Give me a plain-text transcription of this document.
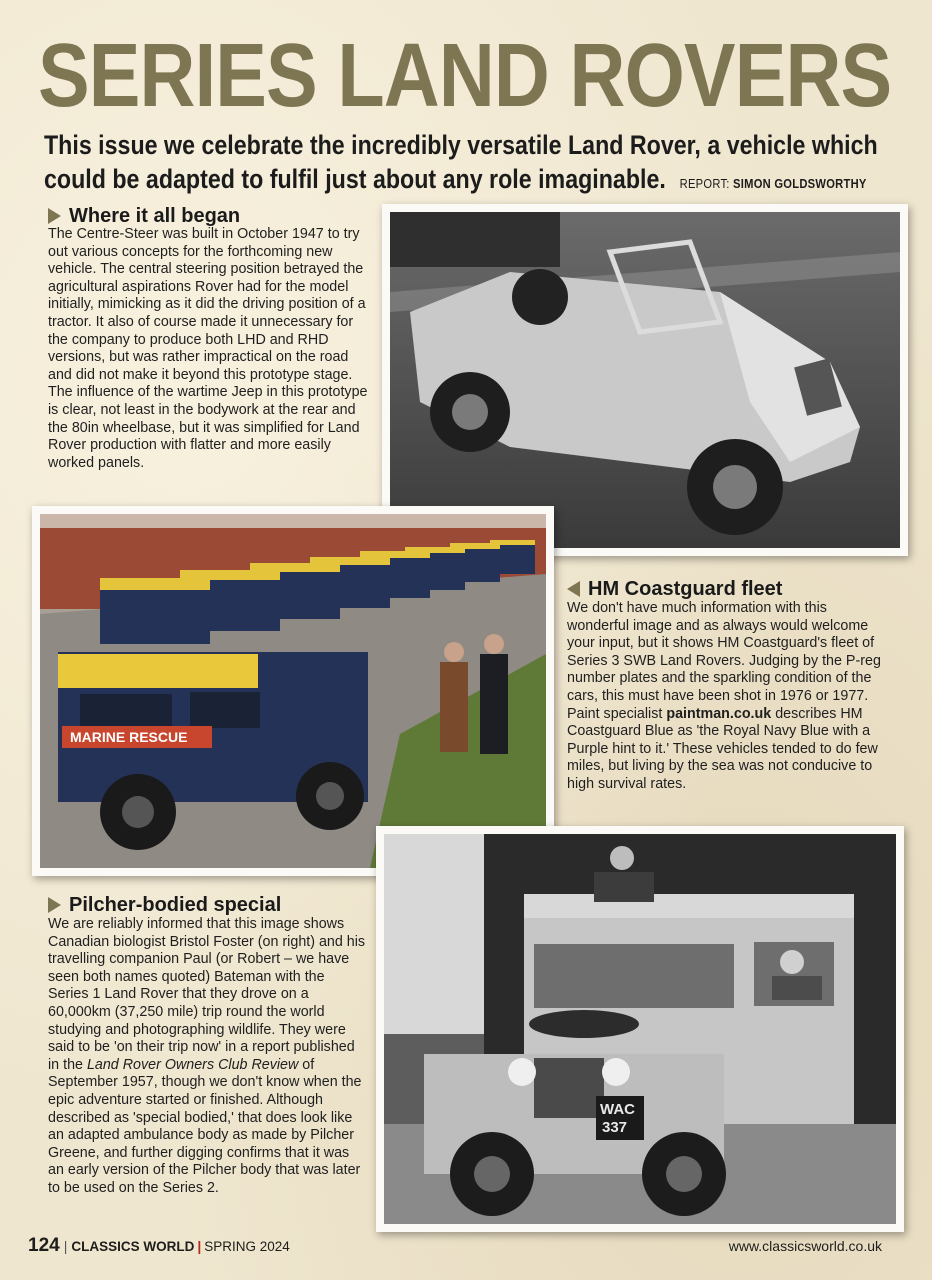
SERIES LAND ROVERS
This issue we celebrate the incredibly versatile Land Rover, a vehicle which
could be adapted to fulfil just about any role imaginable. REPORT: SIMON GOLDSWORTHY
Where it all began
The Centre-Steer was built in October 1947 to try out various concepts for the forthcoming new vehicle. The central steering position betrayed the agricultural aspirations Rover had for the model initially, mimicking as it did the driving position of a tractor. It also of course made it unnecessary for the company to produce both LHD and RHD versions, but was rather impractical on the road and did not make it beyond this prototype stage. The influence of the wartime Jeep in this prototype is clear, not least in the bodywork at the rear and the 80in wheelbase, but it was simplified for Land Rover production with flatter and more easily worked panels.
MARINE RESCUE
HM Coastguard fleet
We don't have much information with this wonderful image and as always would welcome your input, but it shows HM Coastguard's fleet of Series 3 SWB Land Rovers. Judging by the P-reg number plates and the sparkling condition of the cars, this must have been shot in 1976 or 1977. Paint specialist paintman.co.uk describes HM Coastguard Blue as 'the Royal Navy Blue with a Purple hint to it.' These vehicles tended to do few miles, but living by the sea was not conducive to high survival rates.
WAC
337
Pilcher-bodied special
We are reliably informed that this image shows Canadian biologist Bristol Foster (on right) and his travelling companion Paul (or Robert – we have seen both names quoted) Bateman with the Series 1 Land Rover that they drove on a 60,000km (37,250 mile) trip round the world studying and photographing wildlife. They were said to be 'on their trip now' in a report published in the Land Rover Owners Club Review of September 1957, though we don't know when the epic adventure started or finished. Although described as 'special bodied,' that does look like an adapted ambulance body as made by Pilcher Greene, and further digging confirms that it was an early version of the Pilcher body that was later to be used on the Series 2.
124 | CLASSICS WORLD | SPRING 2024	www.classicsworld.co.uk
